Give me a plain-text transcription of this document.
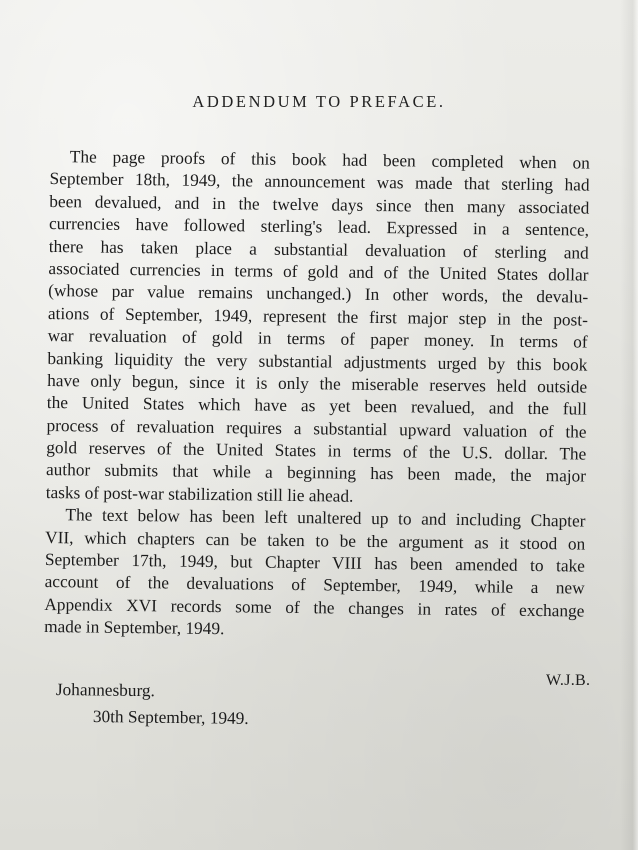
ADDENDUM TO PREFACE.
The page proofs of this book had been completed when on
September 18th, 1949, the announcement was made that sterling had
been devalued, and in the twelve days since then many associated
currencies have followed sterling's lead. Expressed in a sentence,
there has taken place a substantial devaluation of sterling and
associated currencies in terms of gold and of the United States dollar
(whose par value remains unchanged.) In other words, the devalu-
ations of September, 1949, represent the first major step in the post-
war revaluation of gold in terms of paper money. In terms of
banking liquidity the very substantial adjustments urged by this book
have only begun, since it is only the miserable reserves held outside
the United States which have as yet been revalued, and the full
process of revaluation requires a substantial upward valuation of the
gold reserves of the United States in terms of the U.S. dollar. The
author submits that while a beginning has been made, the major
tasks of post-war stabilization still lie ahead.
The text below has been left unaltered up to and including Chapter
VII, which chapters can be taken to be the argument as it stood on
September 17th, 1949, but Chapter VIII has been amended to take
account of the devaluations of September, 1949, while a new
Appendix XVI records some of the changes in rates of exchange
made in September, 1949.
W.J.B.
Johannesburg.
30th September, 1949.
